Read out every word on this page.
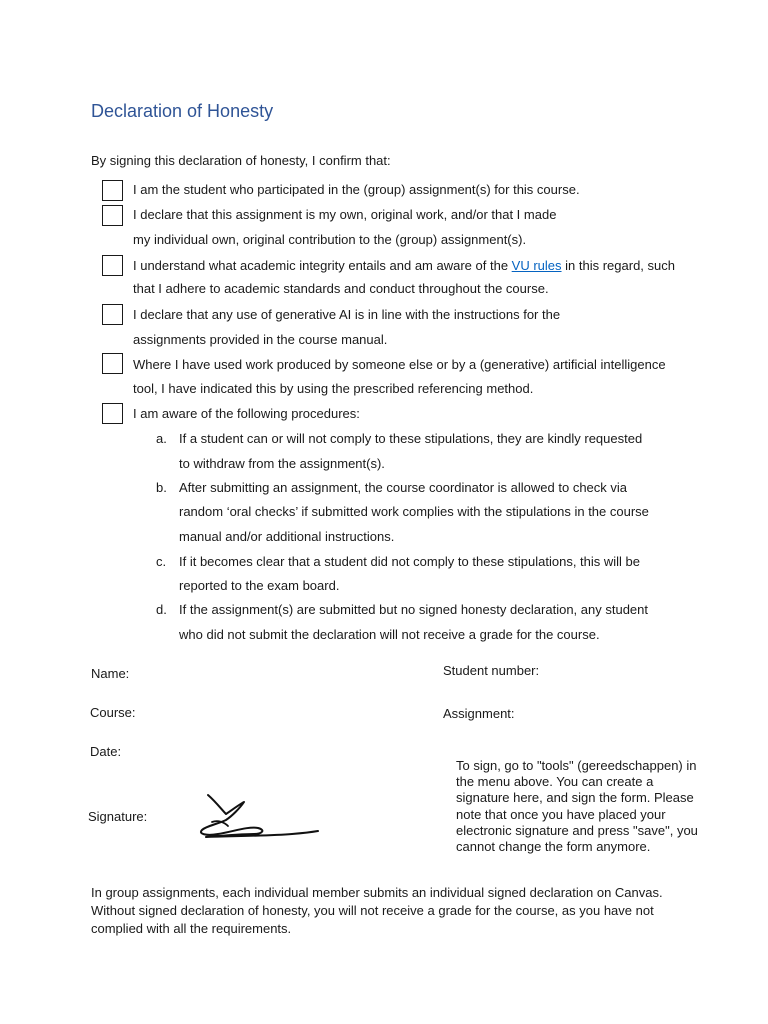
Declaration of Honesty
By signing this declaration of honesty, I confirm that:
I am the student who participated in the (group) assignment(s) for this course.
I declare that this assignment is my own, original work, and/or that I made
my individual own, original contribution to the (group) assignment(s).
I understand what academic integrity entails and am aware of the VU rules in this regard, such
that I adhere to academic standards and conduct throughout the course.
I declare that any use of generative AI is in line with the instructions for the
assignments provided in the course manual.
Where I have used work produced by someone else or by a (generative) artificial intelligence
tool, I have indicated this by using the prescribed referencing method.
I am aware of the following procedures:
a. If a student can or will not comply to these stipulations, they are kindly requested
to withdraw from the assignment(s).
b. After submitting an assignment, the course coordinator is allowed to check via
random ‘oral checks’ if submitted work complies with the stipulations in the course
manual and/or additional instructions.
c. If it becomes clear that a student did not comply to these stipulations, this will be
reported to the exam board.
d. If the assignment(s) are submitted but no signed honesty declaration, any student
who did not submit the declaration will not receive a grade for the course.
Name:	Student number:
Course:	Assignment:
Date:
Signature:
To sign, go to "tools" (gereedschappen) in the menu above. You can create a signature here, and sign the form. Please note that once you have placed your electronic signature and press "save", you cannot change the form anymore.
In group assignments, each individual member submits an individual signed declaration on Canvas. Without signed declaration of honesty, you will not receive a grade for the course, as you have not complied with all the requirements.
